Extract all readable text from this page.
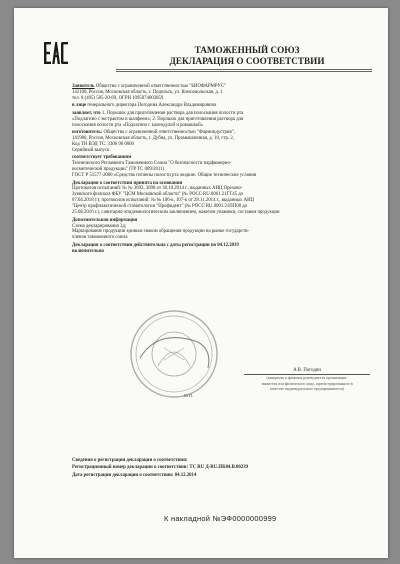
ТАМОЖЕННЫЙ СОЮЗ
ДЕКЛАРАЦИЯ О СООТВЕТСТВИИ

Заявитель Общество с ограниченной ответственностью "БИОФАРМРУС"
142100, Россия, Московская область, г. Подольск, ул. Комсомольская, д. 1
тел. 8 (495) 585-20-69, ОГРН 1095074003859

в лице генерального директора Погодина Александра Владимировича

заявляет, что 1. Порошок для приготовления раствора для полоскания полости рта
«Подлагино с экстрактом и шалфеем»; 2. Порошок для приготовления раствора для
полоскания полости рта «Подлагино с календулой и ромашкой»

изготовитель: Общество с ограниченной ответственностью "Фарминдустрия",
141980, Россия, Московская область, г. Дубна, ул. Промышленная, д. 10, стр. 2,
Код ТН ВЭД ТС: 3306 90 0000
Серийный выпуск

соответствует требованиям
Технического Регламента Таможенного Союза "О безопасности парфюмерно-
косметической продукции" (ТР ТС 009/2011)
ГОСТ Р 51577-2000 «Средства гигиены полости рта жидкие. Общие технические условия

Декларация о соответствии принята на основании
Протоколов испытаний: № № 3693, 3698 от 30.10.2014 г., выданных АИЦ Орехово-
Зуевского филиала ФБУ "ЦСМ Московской области" (№ РОСС RU.0001.21ГТ45 до
07.04.2018 г.); протоколов испытаний: № № 106-к, 107-к от 28.11.2014 г., выданных АИЦ
"Центр профилактической стоматологии "Профидент" (№ РОСС RU.0001.21ПП08 до
25.08.2016 г.), санитарно-эпидемиологическим заключением, макетом упаковки, составом продукции

Дополнительная информация
Схема декларирования 3д;
Маркирование продукции единым знаком обращения продукции на рынке государств-
членов таможенного союза

Декларация о соответствии действительна с даты регистрации по 04.12.2019
включительно

М.П.
А.В. Погодин
(инициалы и фамилия руководителя организации-
заявителя или физического лица, зарегистрированного в
качестве индивидуального предпринимателя)

Сведения о регистрации декларации о соответствии:

Регистрационный номер декларации о соответствии: ТС RU Д-RU.ПК04.В.00239

Дата регистрации декларации о соответствии: 04.12.2014

К накладной №ЭФ0000000999
